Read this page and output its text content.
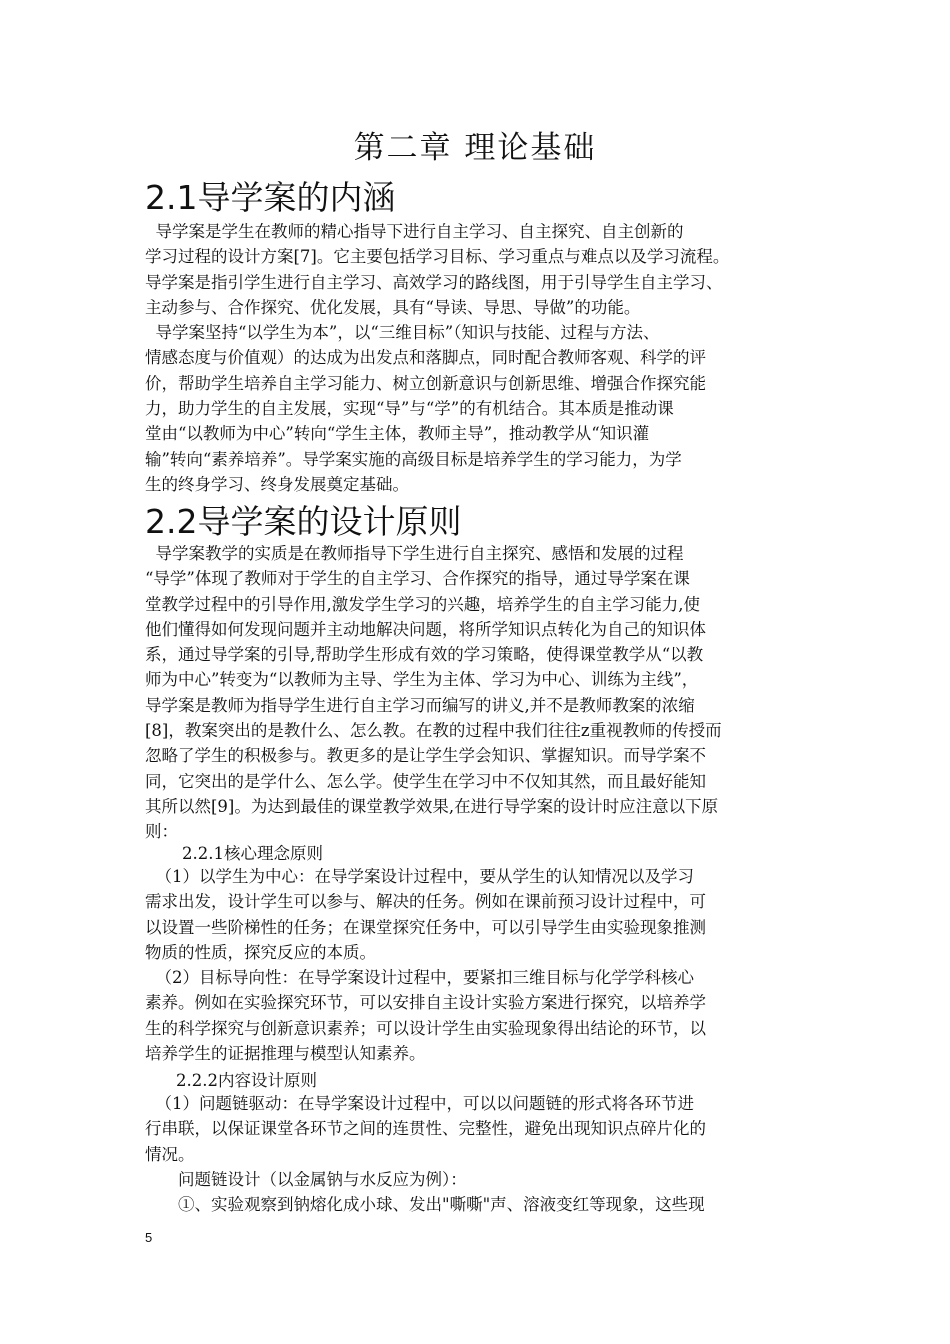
第二章 理论基础
2.1导学案的内涵
导学案是学生在教师的精心指导下进行自主学习、自主探究、自主创新的
学习过程的设计方案[7]。它主要包括学习目标、学习重点与难点以及学习流程。
导学案是指引学生进行自主学习、高效学习的路线图，用于引导学生自主学习、
主动参与、合作探究、优化发展，具有“导读、导思、导做”的功能。
导学案坚持“以学生为本”，以“三维目标”（知识与技能、过程与方法、
情感态度与价值观）的达成为出发点和落脚点，同时配合教师客观、科学的评
价，帮助学生培养自主学习能力、树立创新意识与创新思维、增强合作探究能
力，助力学生的自主发展，实现“导”与“学”的有机结合。其本质是推动课
堂由“以教师为中心”转向“学生主体，教师主导”，推动教学从“知识灌
输”转向“素养培养”。导学案实施的高级目标是培养学生的学习能力，为学
生的终身学习、终身发展奠定基础。
2.2导学案的设计原则
导学案教学的实质是在教师指导下学生进行自主探究、感悟和发展的过程
“导学”体现了教师对于学生的自主学习、合作探究的指导，通过导学案在课
堂教学过程中的引导作用,激发学生学习的兴趣，培养学生的自主学习能力,使
他们懂得如何发现问题并主动地解决问题，将所学知识点转化为自己的知识体
系，通过导学案的引导,帮助学生形成有效的学习策略，使得课堂教学从“以教
师为中心”转变为“以教师为主导、学生为主体、学习为中心、训练为主线”，
导学案是教师为指导学生进行自主学习而编写的讲义,并不是教师教案的浓缩
[8]，教案突出的是教什么、怎么教。在教的过程中我们往往z重视教师的传授而
忽略了学生的积极参与。教更多的是让学生学会知识、掌握知识。而导学案不
同，它突出的是学什么、怎么学。使学生在学习中不仅知其然，而且最好能知
其所以然[9]。为达到最佳的课堂教学效果,在进行导学案的设计时应注意以下原
则：
2.2.1核心理念原则
（1）以学生为中心：在导学案设计过程中，要从学生的认知情况以及学习
需求出发，设计学生可以参与、解决的任务。例如在课前预习设计过程中，可
以设置一些阶梯性的任务；在课堂探究任务中，可以引导学生由实验现象推测
物质的性质，探究反应的本质。
（2）目标导向性：在导学案设计过程中，要紧扣三维目标与化学学科核心
素养。例如在实验探究环节，可以安排自主设计实验方案进行探究，以培养学
生的科学探究与创新意识素养；可以设计学生由实验现象得出结论的环节，以
培养学生的证据推理与模型认知素养。
2.2.2内容设计原则
（1）问题链驱动：在导学案设计过程中，可以以问题链的形式将各环节进
行串联，以保证课堂各环节之间的连贯性、完整性，避免出现知识点碎片化的
情况。
问题链设计（以金属钠与水反应为例）：
①、实验观察到钠熔化成小球、发出"嘶嘶"声、溶液变红等现象，这些现
5
